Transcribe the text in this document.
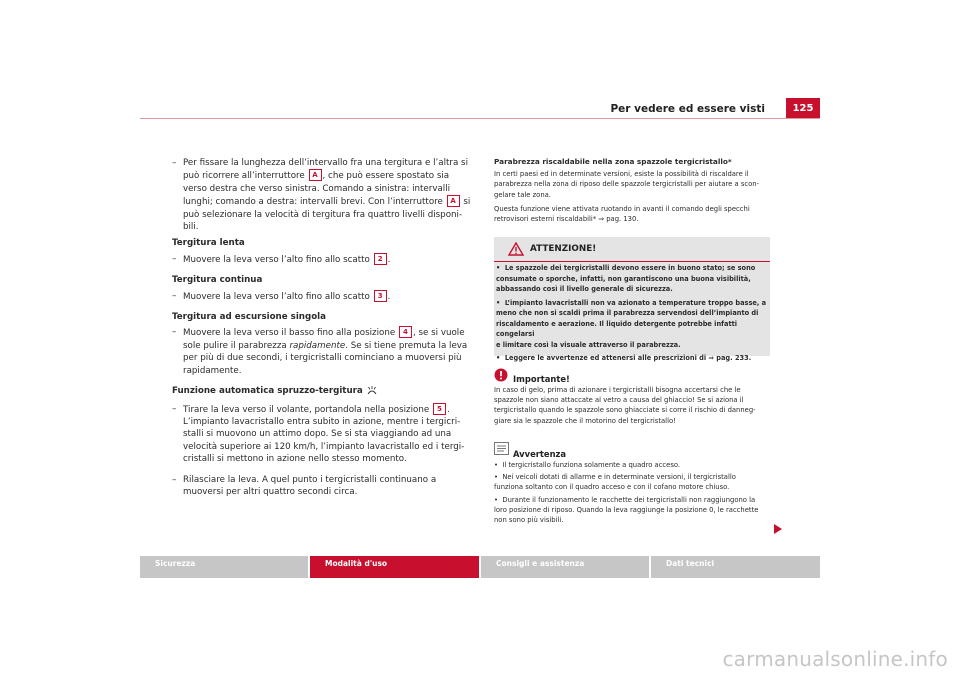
Per vedere ed essere visti	125
– Per fissare la lunghezza dell’intervallo fra una tergitura e l’altra si
può ricorrere all’interruttore A , che può essere spostato sia
verso destra che verso sinistra. Comando a sinistra: intervalli
lunghi; comando a destra: intervalli brevi. Con l’interruttore A si
può selezionare la velocità di tergitura fra quattro livelli disponi-
bili.
Tergitura lenta
– Muovere la leva verso l’alto fino allo scatto 2 .
Tergitura continua
– Muovere la leva verso l’alto fino allo scatto 3 .
Tergitura ad escursione singola
– Muovere la leva verso il basso fino alla posizione 4 , se si vuole
sole pulire il parabrezza rapidamente. Se si tiene premuta la leva
per più di due secondi, i tergicristalli cominciano a muoversi più
rapidamente.
Funzione automatica spruzzo-tergitura
– Tirare la leva verso il volante, portandola nella posizione 5 .
L’impianto lavacristallo entra subito in azione, mentre i tergicri-
stalli si muovono un attimo dopo. Se si sta viaggiando ad una
velocità superiore ai 120 km/h, l’impianto lavacristallo ed i tergi-
cristalli si mettono in azione nello stesso momento.
– Rilasciare la leva. A quel punto i tergicristalli continuano a
muoversi per altri quattro secondi circa.
Parabrezza riscaldabile nella zona spazzole tergicristallo*
In certi paesi ed in determinate versioni, esiste la possibilità di riscaldare il
parabrezza nella zona di riposo delle spazzole tergicristalli per aiutare a scon-
gelare tale zona.
Questa funzione viene attivata ruotando in avanti il comando degli specchi
retrovisori esterni riscaldabili* ⇒ pag. 130.
ATTENZIONE!
• Le spazzole dei tergicristalli devono essere in buono stato; se sono
consumate o sporche, infatti, non garantiscono una buona visibilità,
abbassando così il livello generale di sicurezza.
• L’impianto lavacristalli non va azionato a temperature troppo basse, a
meno che non si scaldi prima il parabrezza servendosi dell’impianto di
riscaldamento e aerazione. Il liquido detergente potrebbe infatti congelarsi
e limitare così la visuale attraverso il parabrezza.
• Leggere le avvertenze ed attenersi alle prescrizioni di ⇒ pag. 233.
Importante!
In caso di gelo, prima di azionare i tergicristalli bisogna accertarsi che le
spazzole non siano attaccate al vetro a causa del ghiaccio! Se si aziona il
tergicristallo quando le spazzole sono ghiacciate si corre il rischio di danneg-
giare sia le spazzole che il motorino del tergicristallo!
Avvertenza
• Il tergicristallo funziona solamente a quadro acceso.
• Nei veicoli dotati di allarme e in determinate versioni, il tergicristallo
funziona soltanto con il quadro acceso e con il cofano motore chiuso.
• Durante il funzionamento le racchette dei tergicristalli non raggiungono la
loro posizione di riposo. Quando la leva raggiunge la posizione 0, le racchette
non sono più visibili.
Sicurezza	Modalità d'uso	Consigli e assistenza	Dati tecnici
carmanualsonline.info
